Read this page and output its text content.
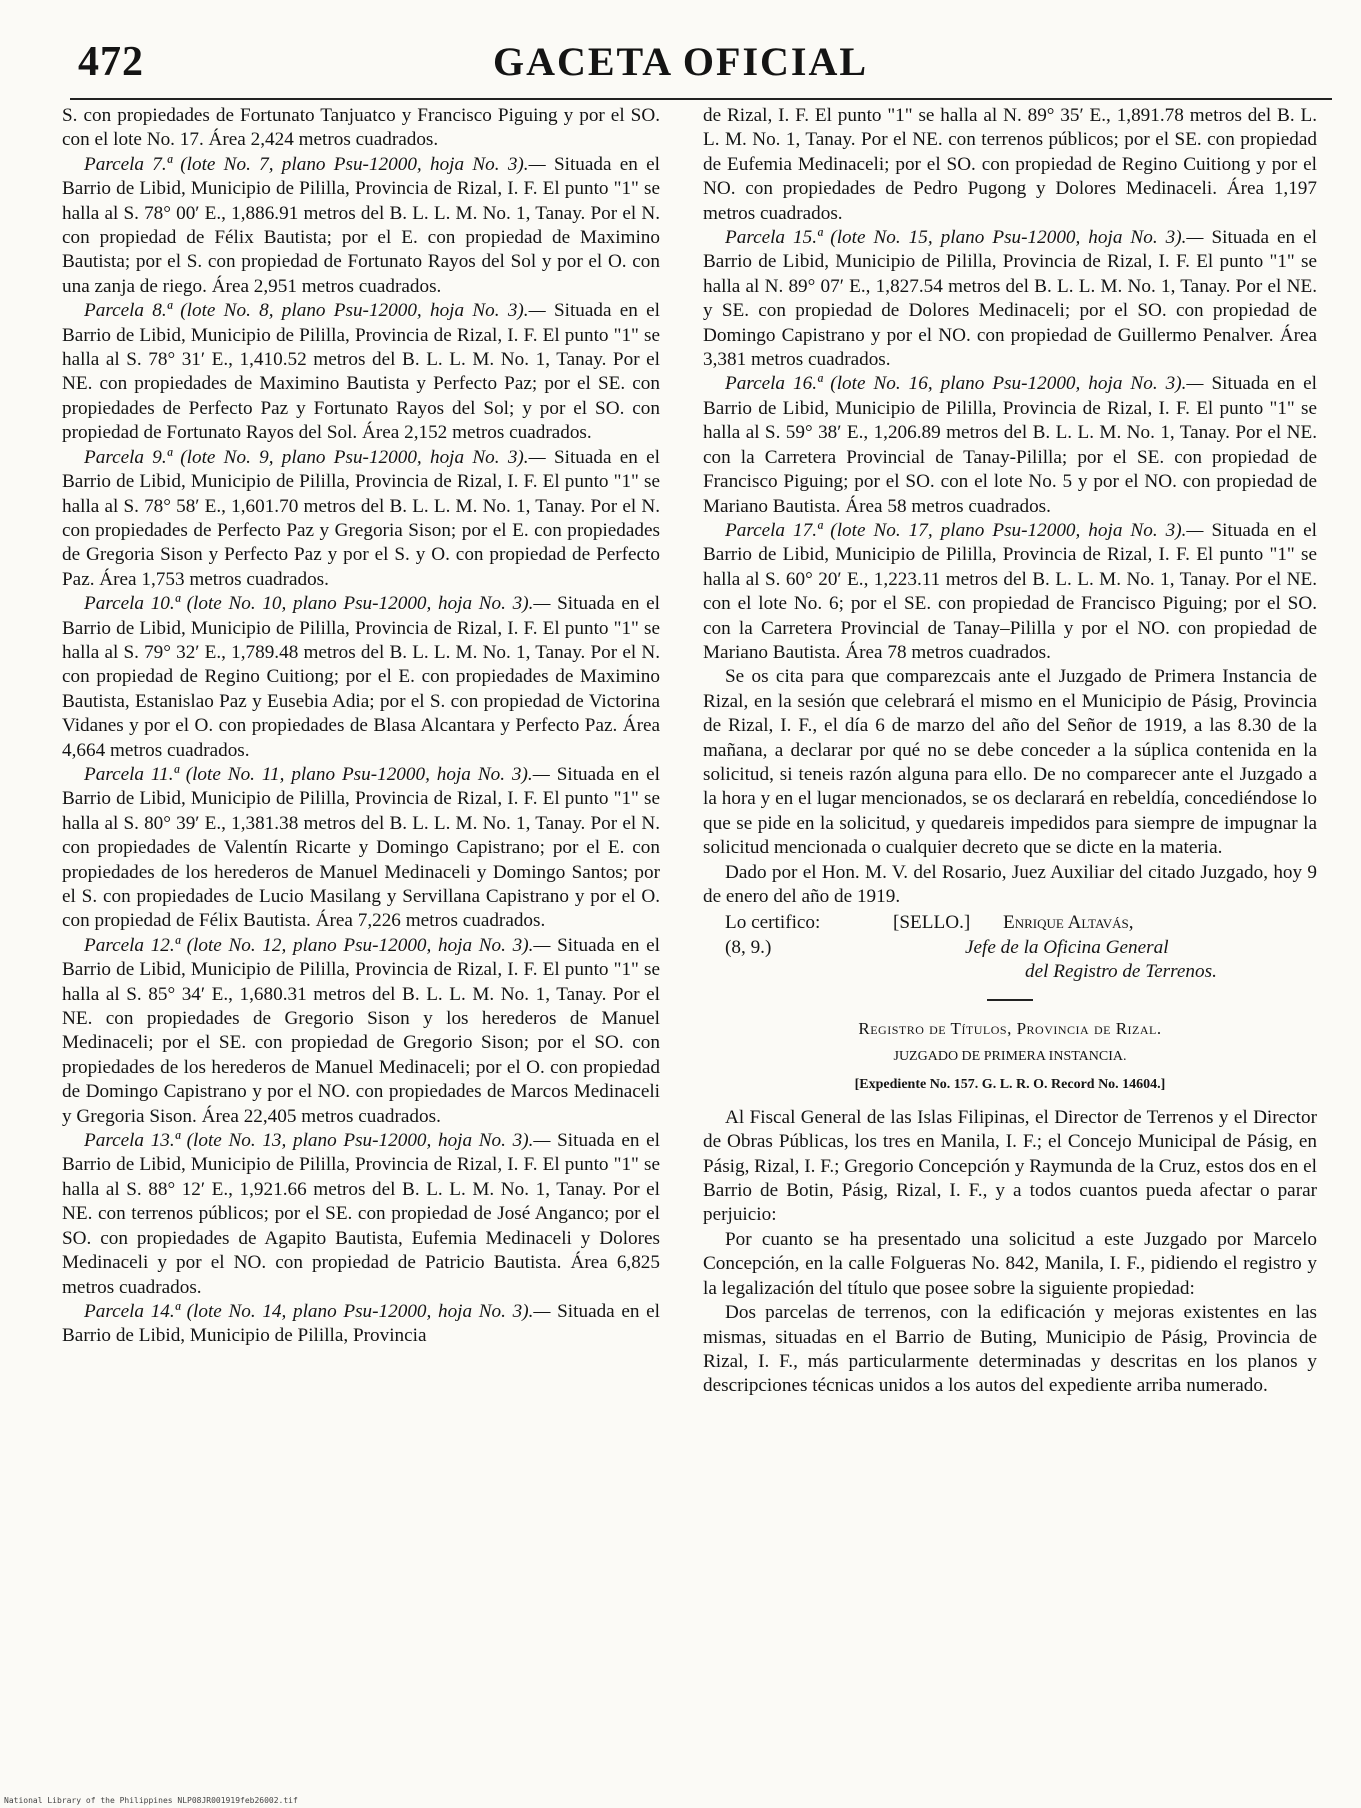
472	GACETA OFICIAL

S. con propiedades de Fortunato Tanjuatco y Francisco Piguing y por el SO. con el lote No. 17. Área 2,424 metros cuadrados.

Parcela 7.ª (lote No. 7, plano Psu-12000, hoja No. 3).— Situada en el Barrio de Libid, Municipio de Pililla, Provincia de Rizal, I. F. El punto "1" se halla al S. 78° 00′ E., 1,886.91 metros del B. L. L. M. No. 1, Tanay. Por el N. con propiedad de Félix Bautista; por el E. con propiedad de Maximino Bautista; por el S. con propiedad de Fortunato Rayos del Sol y por el O. con una zanja de riego. Área 2,951 metros cuadrados.

Parcela 8.ª (lote No. 8, plano Psu-12000, hoja No. 3).— Situada en el Barrio de Libid, Municipio de Pililla, Provincia de Rizal, I. F. El punto "1" se halla al S. 78° 31′ E., 1,410.52 metros del B. L. L. M. No. 1, Tanay. Por el NE. con propiedades de Maximino Bautista y Perfecto Paz; por el SE. con propiedades de Perfecto Paz y Fortunato Rayos del Sol; y por el SO. con propiedad de Fortunato Rayos del Sol. Área 2,152 metros cuadrados.

Parcela 9.ª (lote No. 9, plano Psu-12000, hoja No. 3).— Situada en el Barrio de Libid, Municipio de Pililla, Provincia de Rizal, I. F. El punto "1" se halla al S. 78° 58′ E., 1,601.70 metros del B. L. L. M. No. 1, Tanay. Por el N. con propiedades de Perfecto Paz y Gregoria Sison; por el E. con propiedades de Gregoria Sison y Perfecto Paz y por el S. y O. con propiedad de Perfecto Paz. Área 1,753 metros cuadrados.

Parcela 10.ª (lote No. 10, plano Psu-12000, hoja No. 3).— Situada en el Barrio de Libid, Municipio de Pililla, Provincia de Rizal, I. F. El punto "1" se halla al S. 79° 32′ E., 1,789.48 metros del B. L. L. M. No. 1, Tanay. Por el N. con propiedad de Regino Cuitiong; por el E. con propiedades de Maximino Bautista, Estanislao Paz y Eusebia Adia; por el S. con propiedad de Victorina Vidanes y por el O. con propiedades de Blasa Alcantara y Perfecto Paz. Área 4,664 metros cuadrados.

Parcela 11.ª (lote No. 11, plano Psu-12000, hoja No. 3).— Situada en el Barrio de Libid, Municipio de Pililla, Provincia de Rizal, I. F. El punto "1" se halla al S. 80° 39′ E., 1,381.38 metros del B. L. L. M. No. 1, Tanay. Por el N. con propiedades de Valentín Ricarte y Domingo Capistrano; por el E. con propiedades de los herederos de Manuel Medinaceli y Domingo Santos; por el S. con propiedades de Lucio Masilang y Servillana Capistrano y por el O. con propiedad de Félix Bautista. Área 7,226 metros cuadrados.

Parcela 12.ª (lote No. 12, plano Psu-12000, hoja No. 3).— Situada en el Barrio de Libid, Municipio de Pililla, Provincia de Rizal, I. F. El punto "1" se halla al S. 85° 34′ E., 1,680.31 metros del B. L. L. M. No. 1, Tanay. Por el NE. con propiedades de Gregorio Sison y los herederos de Manuel Medinaceli; por el SE. con propiedad de Gregorio Sison; por el SO. con propiedades de los herederos de Manuel Medinaceli; por el O. con propiedad de Domingo Capistrano y por el NO. con propiedades de Marcos Medinaceli y Gregoria Sison. Área 22,405 metros cuadrados.

Parcela 13.ª (lote No. 13, plano Psu-12000, hoja No. 3).— Situada en el Barrio de Libid, Municipio de Pililla, Provincia de Rizal, I. F. El punto "1" se halla al S. 88° 12′ E., 1,921.66 metros del B. L. L. M. No. 1, Tanay. Por el NE. con terrenos públicos; por el SE. con propiedad de José Anganco; por el SO. con propiedades de Agapito Bautista, Eufemia Medinaceli y Dolores Medinaceli y por el NO. con propiedad de Patricio Bautista. Área 6,825 metros cuadrados.

Parcela 14.ª (lote No. 14, plano Psu-12000, hoja No. 3).— Situada en el Barrio de Libid, Municipio de Pililla, Provincia

de Rizal, I. F. El punto "1" se halla al N. 89° 35′ E., 1,891.78 metros del B. L. L. M. No. 1, Tanay. Por el NE. con terrenos públicos; por el SE. con propiedad de Eufemia Medinaceli; por el SO. con propiedad de Regino Cuitiong y por el NO. con propiedades de Pedro Pugong y Dolores Medinaceli. Área 1,197 metros cuadrados.

Parcela 15.ª (lote No. 15, plano Psu-12000, hoja No. 3).— Situada en el Barrio de Libid, Municipio de Pililla, Provincia de Rizal, I. F. El punto "1" se halla al N. 89° 07′ E., 1,827.54 metros del B. L. L. M. No. 1, Tanay. Por el NE. y SE. con propiedad de Dolores Medinaceli; por el SO. con propiedad de Domingo Capistrano y por el NO. con propiedad de Guillermo Penalver. Área 3,381 metros cuadrados.

Parcela 16.ª (lote No. 16, plano Psu-12000, hoja No. 3).— Situada en el Barrio de Libid, Municipio de Pililla, Provincia de Rizal, I. F. El punto "1" se halla al S. 59° 38′ E., 1,206.89 metros del B. L. L. M. No. 1, Tanay. Por el NE. con la Carretera Provincial de Tanay-Pililla; por el SE. con propiedad de Francisco Piguing; por el SO. con el lote No. 5 y por el NO. con propiedad de Mariano Bautista. Área 58 metros cuadrados.

Parcela 17.ª (lote No. 17, plano Psu-12000, hoja No. 3).— Situada en el Barrio de Libid, Municipio de Pililla, Provincia de Rizal, I. F. El punto "1" se halla al S. 60° 20′ E., 1,223.11 metros del B. L. L. M. No. 1, Tanay. Por el NE. con el lote No. 6; por el SE. con propiedad de Francisco Piguing; por el SO. con la Carretera Provincial de Tanay–Pililla y por el NO. con propiedad de Mariano Bautista. Área 78 metros cuadrados.

Se os cita para que comparezcais ante el Juzgado de Primera Instancia de Rizal, en la sesión que celebrará el mismo en el Municipio de Pásig, Provincia de Rizal, I. F., el día 6 de marzo del año del Señor de 1919, a las 8.30 de la mañana, a declarar por qué no se debe conceder a la súplica contenida en la solicitud, si teneis razón alguna para ello. De no comparecer ante el Juzgado a la hora y en el lugar mencionados, se os declarará en rebeldía, concediéndose lo que se pide en la solicitud, y quedareis impedidos para siempre de impugnar la solicitud mencionada o cualquier decreto que se dicte en la materia.

Dado por el Hon. M. V. del Rosario, Juez Auxiliar del citado Juzgado, hoy 9 de enero del año de 1919.

Lo certifico:	[SELLO.]	Enrique Altavás,
(8, 9.)	Jefe de la Oficina General
del Registro de Terrenos.
Registro de Títulos, Provincia de Rizal.
JUZGADO DE PRIMERA INSTANCIA.
[Expediente No. 157. G. L. R. O. Record No. 14604.]

Al Fiscal General de las Islas Filipinas, el Director de Terrenos y el Director de Obras Públicas, los tres en Manila, I. F.; el Concejo Municipal de Pásig, en Pásig, Rizal, I. F.; Gregorio Concepción y Raymunda de la Cruz, estos dos en el Barrio de Botin, Pásig, Rizal, I. F., y a todos cuantos pueda afectar o parar perjuicio:

Por cuanto se ha presentado una solicitud a este Juzgado por Marcelo Concepción, en la calle Folgueras No. 842, Manila, I. F., pidiendo el registro y la legalización del título que posee sobre la siguiente propiedad:

Dos parcelas de terrenos, con la edificación y mejoras existentes en las mismas, situadas en el Barrio de Buting, Municipio de Pásig, Provincia de Rizal, I. F., más particularmente determinadas y descritas en los planos y descripciones técnicas unidos a los autos del expediente arriba numerado.

National Library of the Philippines NLP08JR001919feb26002.tif
